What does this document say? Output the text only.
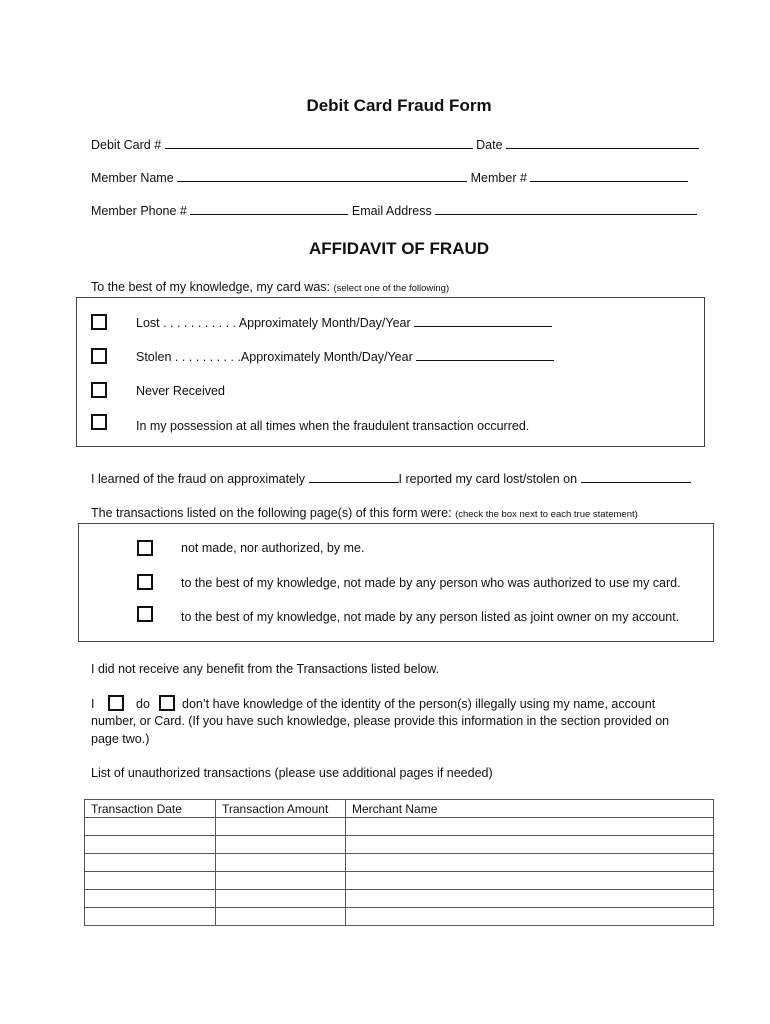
Debit Card Fraud Form
Debit Card #	Date
Member Name	Member #
Member Phone #	Email Address
AFFIDAVIT OF FRAUD
To the best of my knowledge, my card was: (select one of the following)
Lost . . . . . . . . . . . Approximately Month/Day/Year
Stolen . . . . . . . . . .Approximately Month/Day/Year
Never Received
In my possession at all times when the fraudulent transaction occurred.
I learned of the fraud on approximately	I reported my card lost/stolen on
The transactions listed on the following page(s) of this form were: (check the box next to each true statement)
not made, nor authorized, by me.
to the best of my knowledge, not made by any person who was authorized to use my card.
to the best of my knowledge, not made by any person listed as joint owner on my account.
I did not receive any benefit from the Transactions listed below.
I	do	don’t have knowledge of the identity of the person(s) illegally using my name, account
number, or Card. (If you have such knowledge, please provide this information in the section provided on
page two.)
List of unauthorized transactions (please use additional pages if needed)
Transaction Date	Transaction Amount	Merchant Name
